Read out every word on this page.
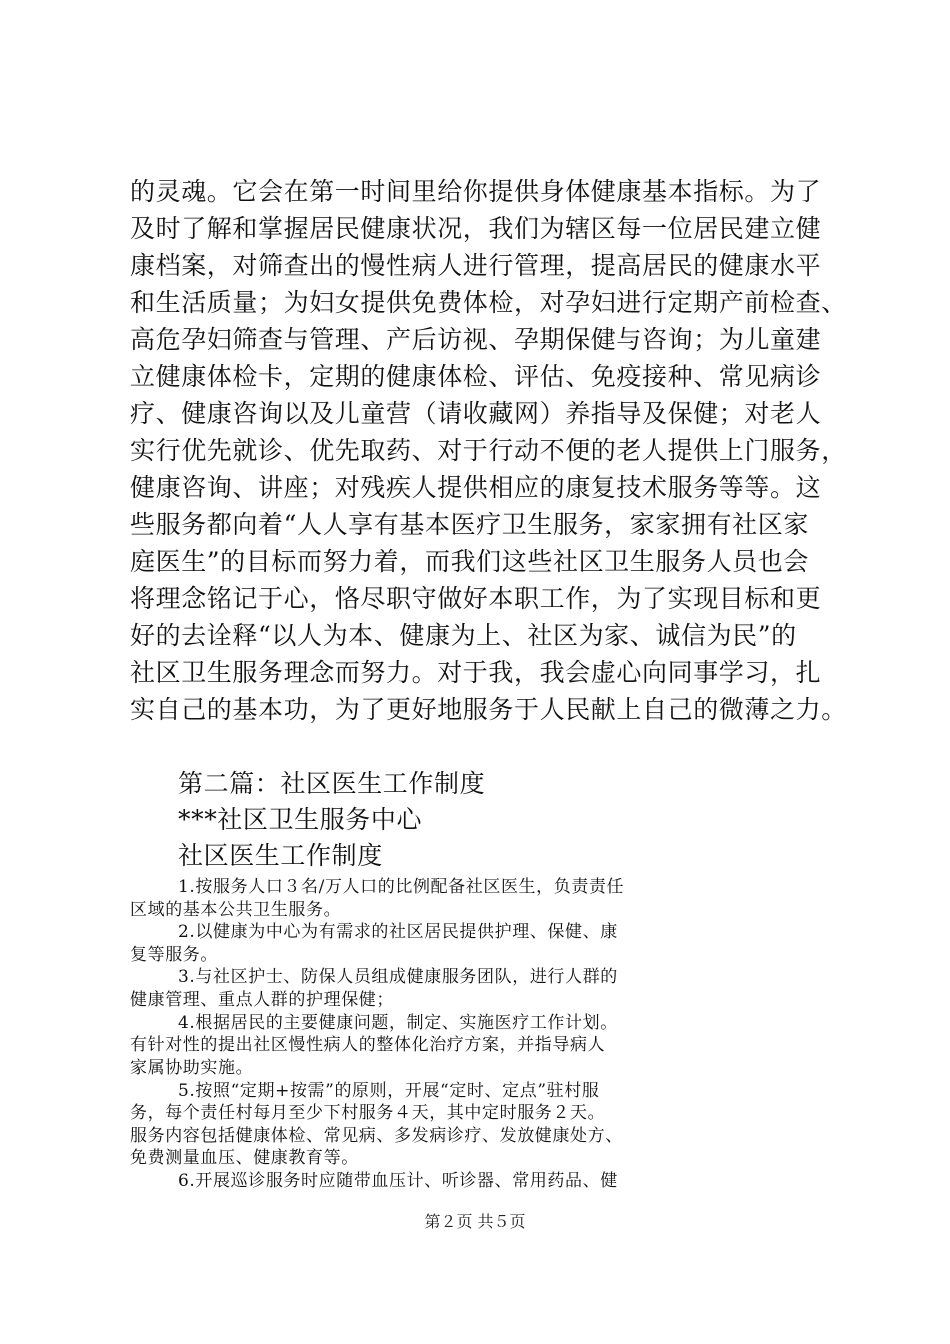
的灵魂。它会在第一时间里给你提供身体健康基本指标。为了
及时了解和掌握居民健康状况，我们为辖区每一位居民建立健
康档案，对筛查出的慢性病人进行管理，提高居民的健康水平
和生活质量；为妇女提供免费体检，对孕妇进行定期产前检查、
高危孕妇筛查与管理、产后访视、孕期保健与咨询；为儿童建
立健康体检卡，定期的健康体检、评估、免疫接种、常见病诊
疗、健康咨询以及儿童营（请收藏网）养指导及保健；对老人
实行优先就诊、优先取药、对于行动不便的老人提供上门服务，
健康咨询、讲座；对残疾人提供相应的康复技术服务等等。这
些服务都向着“人人享有基本医疗卫生服务，家家拥有社区家
庭医生”的目标而努力着，而我们这些社区卫生服务人员也会
将理念铭记于心，恪尽职守做好本职工作，为了实现目标和更
好的去诠释“以人为本、健康为上、社区为家、诚信为民”的
社区卫生服务理念而努力。对于我，我会虚心向同事学习，扎
实自己的基本功，为了更好地服务于人民献上自己的微薄之力。
第二篇：社区医生工作制度
***社区卫生服务中心
社区医生工作制度
1.按服务人口３名/万人口的比例配备社区医生，负责责任
区域的基本公共卫生服务。
2.以健康为中心为有需求的社区居民提供护理、保健、康
复等服务。
3.与社区护士、防保人员组成健康服务团队，进行人群的
健康管理、重点人群的护理保健；
4.根据居民的主要健康问题，制定、实施医疗工作计划。
有针对性的提出社区慢性病人的整体化治疗方案，并指导病人
家属协助实施。
5.按照“定期+按需”的原则，开展“定时、定点”驻村服
务，每个责任村每月至少下村服务４天，其中定时服务２天。
服务内容包括健康体检、常见病、多发病诊疗、发放健康处方、
免费测量血压、健康教育等。
6.开展巡诊服务时应随带血压计、听诊器、常用药品、健
第２页 共５页
